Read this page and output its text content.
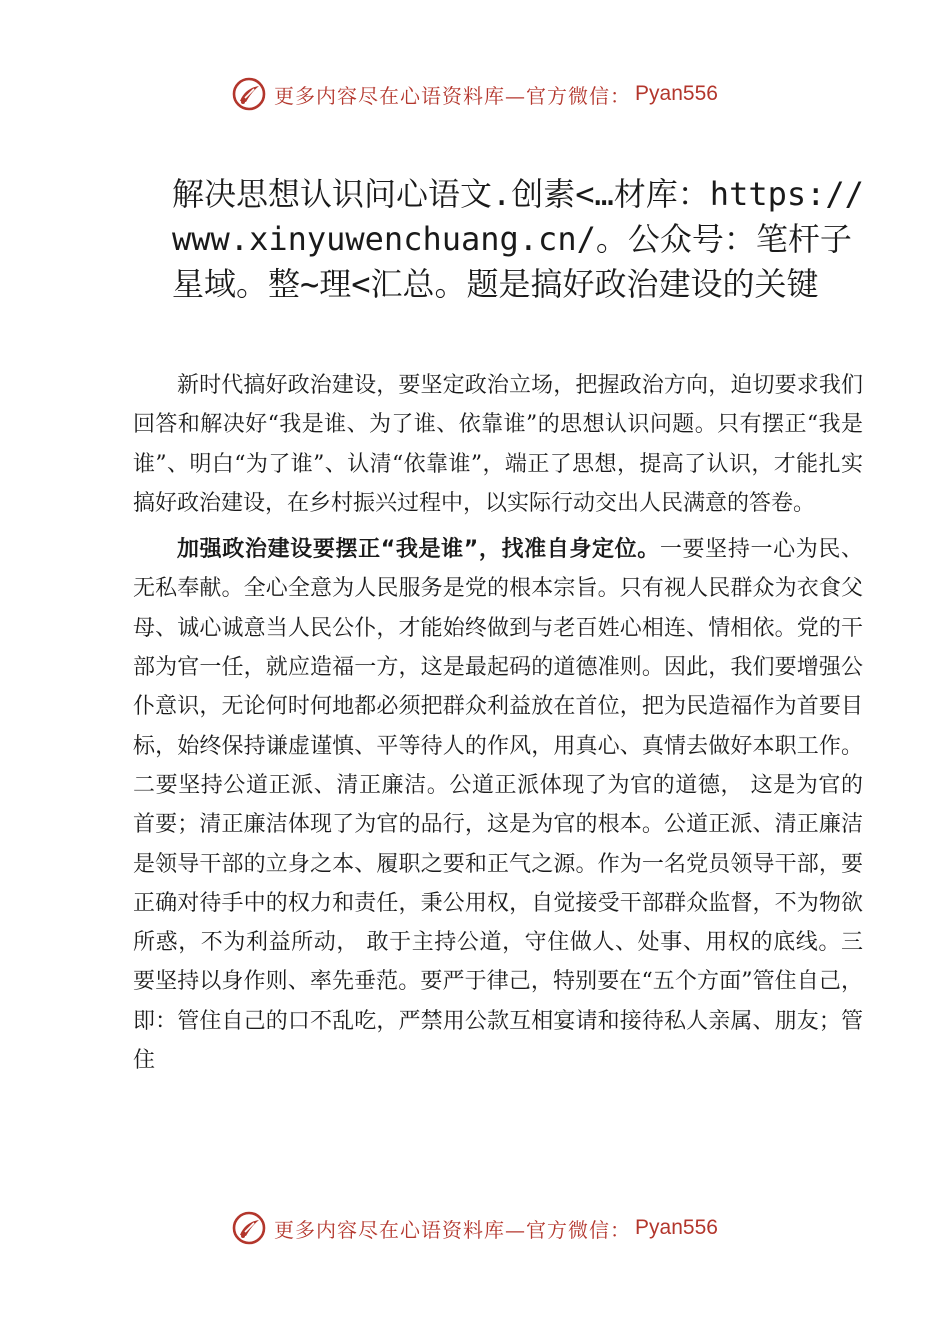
更多内容尽在心语资料库—官方微信： Pyan556
解决思想认识问心语文.创素<…材库：https://www.xinyuwenchuang.cn/。公众号：笔杆子星域。整~理<汇总。题是搞好政治建设的关键

新时代搞好政治建设，要坚定政治立场，把握政治方向，迫切要求我们回答和解决好“我是谁、为了谁、依靠谁”的思想认识问题。只有摆正“我是谁”、明白“为了谁”、认清“依靠谁”，端正了思想，提高了认识，才能扎实搞好政治建设，在乡村振兴过程中，以实际行动交出人民满意的答卷。

加强政治建设要摆正“我是谁”，找准自身定位。一要坚持一心为民、无私奉献。全心全意为人民服务是党的根本宗旨。只有视人民群众为衣食父母、诚心诚意当人民公仆，才能始终做到与老百姓心相连、情相依。党的干部为官一任，就应造福一方，这是最起码的道德准则。因此，我们要增强公仆意识，无论何时何地都必须把群众利益放在首位，把为民造福作为首要目标，始终保持谦虚谨慎、平等待人的作风，用真心、真情去做好本职工作。二要坚持公道正派、清正廉洁。公道正派体现了为官的道德， 这是为官的首要；清正廉洁体现了为官的品行，这是为官的根本。公道正派、清正廉洁是领导干部的立身之本、履职之要和正气之源。作为一名党员领导干部，要正确对待手中的权力和责任，秉公用权，自觉接受干部群众监督，不为物欲所惑，不为利益所动， 敢于主持公道，守住做人、处事、用权的底线。三要坚持以身作则、率先垂范。要严于律己，特别要在“五个方面”管住自己， 即：管住自己的口不乱吃，严禁用公款互相宴请和接待私人亲属、朋友；管住

更多内容尽在心语资料库—官方微信： Pyan556
